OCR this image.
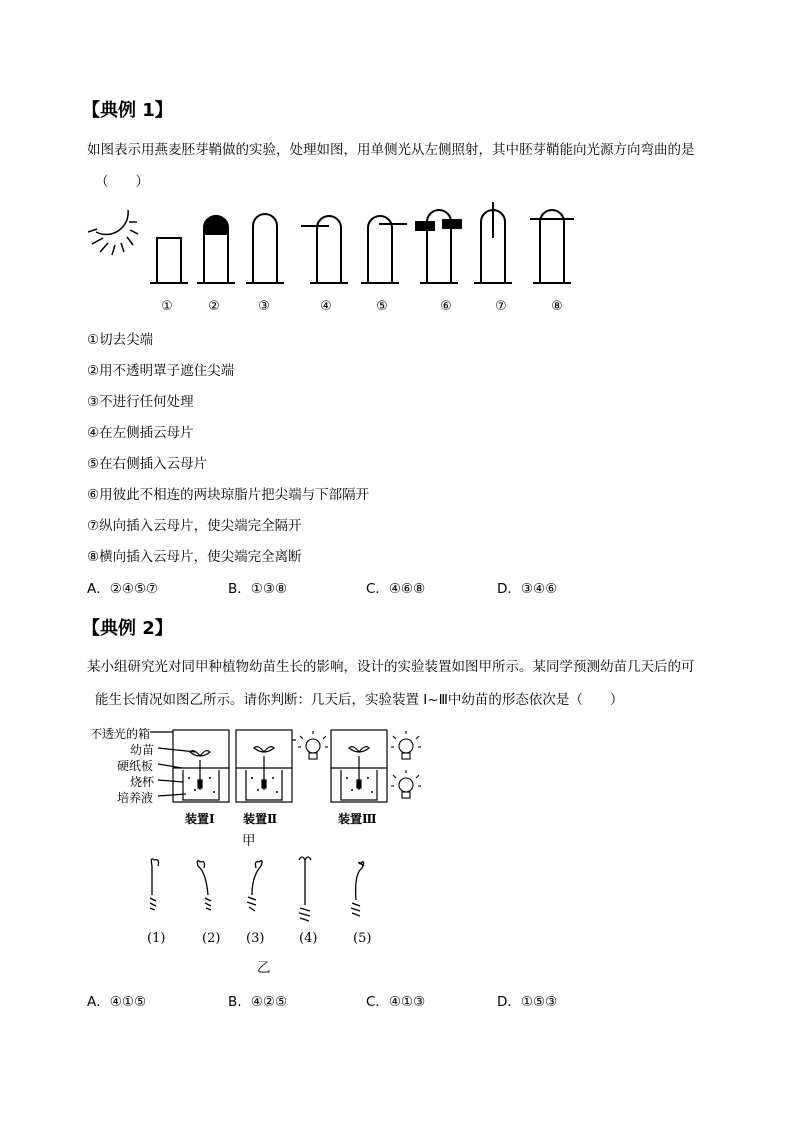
【典例 1】
如图表示用燕麦胚芽鞘做的实验，处理如图，用单侧光从左侧照射，其中胚芽鞘能向光源方向弯曲的是
（　　）
①	②	③	④	⑤	⑥	⑦	⑧
①切去尖端
②用不透明罩子遮住尖端
③不进行任何处理
④在左侧插云母片
⑤在右侧插入云母片
⑥用彼此不相连的两块琼脂片把尖端与下部隔开
⑦纵向插入云母片，使尖端完全隔开
⑧横向插入云母片，使尖端完全离断
A．②④⑤⑦	B．①③⑧	C．④⑥⑧	D．③④⑥
【典例 2】
某小组研究光对同甲种植物幼苗生长的影响，设计的实验装置如图甲所示。某同学预测幼苗几天后的可
能生长情况如图乙所示。请你判断：几天后，实验装置 I~Ⅲ中幼苗的形态依次是（　　）
不透光的箱
幼苗
硬纸板
烧杯
培养液
装置Ⅰ 装置Ⅱ	装置Ⅲ
甲
(1)	(2) (3)	(4)	(5)
乙
A．④①⑤	B．④②⑤	C．④①③	D．①⑤③
